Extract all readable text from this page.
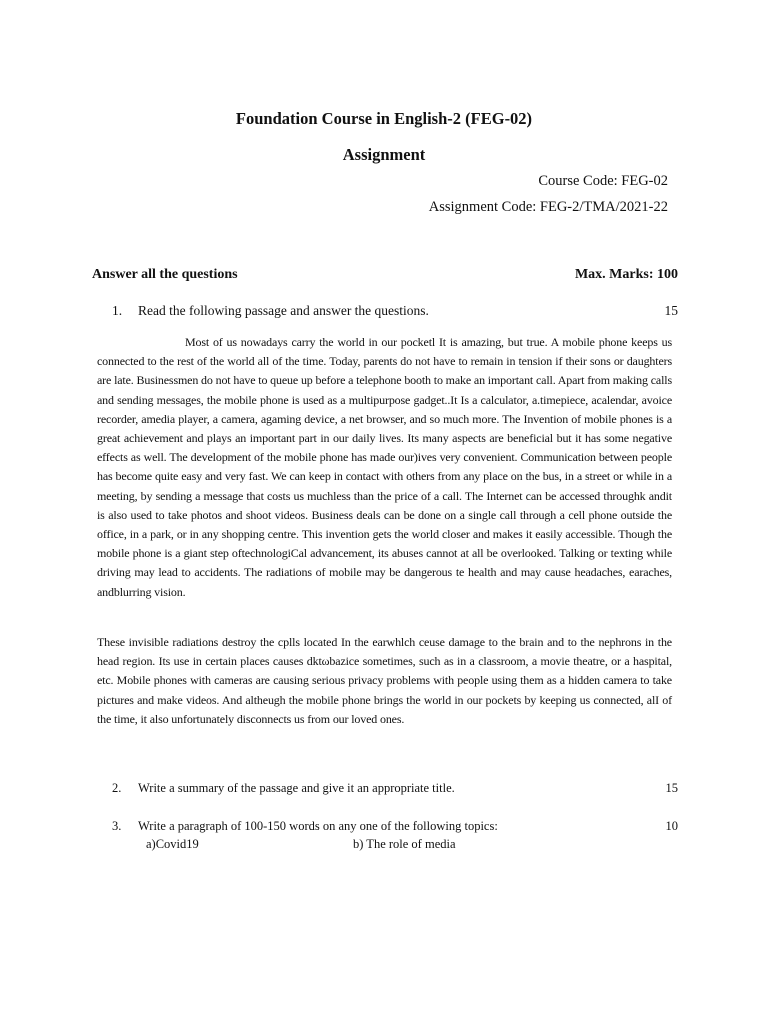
Foundation Course in English-2 (FEG-02)
Assignment
Course Code: FEG-02
Assignment Code: FEG-2/TMA/2021-22
Answer all the questions	Max. Marks: 100
1. Read the following passage and answer the questions.	15
Most of us nowadays carry the world in our pocketl It is amazing, but true. A mobile phone keeps us connected to the rest of the world all of the time. Today, parents do not have to remain in tension if their sons or daughters are late. Businessmen do not have to queue up before a telephone booth to make an important call. Apart from making calls and sending messages, the mobile phone is used as a multipurpose gadget..It Is a calculator, a.timepiece, acalendar, avoice recorder, amedia player, a camera, agaming device, a net browser, and so much more. The Invention of mobile phones is a great achievement and plays an important part in our daily lives. Its many aspects are beneficial but it has some negative effects as well. The development of the mobile phone has made our)ives very convenient. Communication between people has become quite easy and very fast. We can keep in contact with others from any place on the bus, in a street or while in a meeting, by sending a message that costs us muchless than the price of a call. The Internet can be accessed throughk andit is also used to take photos and shoot videos. Business deals can be done on a single call through a cell phone outside the office, in a park, or in any shopping centre. This invention gets the world closer and makes it easily accessible. Though the mobile phone is a giant step oftechnologiCal advancement, its abuses cannot at all be overlooked. Talking or texting while driving may lead to accidents. The radiations of mobile may be dangerous te health and may cause headaches, earaches, andblurring vision.
These invisible radiations destroy the cplls located In the earwhlch ceuse damage to the brain and to the nephrons in the head region. Its use in certain places causes dktωbazice sometimes, such as in a classroom, a movie theatre, or a haspital, etc. Mobile phones with cameras are causing serious privacy problems with people using them as a hidden camera to take pictures and make videos. And altheugh the mobile phone brings the world in our pockets by keeping us connected, alI of the time, it also unfortunately disconnects us from our loved ones.
2. Write a summary of the passage and give it an appropriate title.	15
3. Write a paragraph of 100-150 words on any one of the following topics:	10
a)Covid19	b) The role of media
